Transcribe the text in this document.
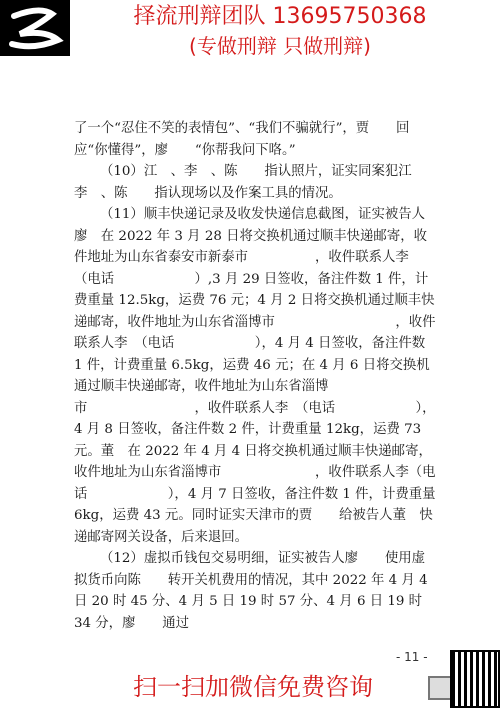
择流刑辩团队 13695750368
(专做刑辩 只做刑辩)

了一个“忍住不笑的表情包”、“我们不骗就行”，贾　　回应“你懂得”，廖　　“你帮我问下咯。”

（10）江　、李　、陈　　指认照片，证实同案犯江　李　、陈　　指认现场以及作案工具的情况。

（11）顺丰快递记录及收发快递信息截图，证实被告人廖　在 2022 年 3 月 28 日将交换机通过顺丰快递邮寄，收件地址为山东省泰安市新泰市　　　　　，收件联系人李　（电话　　　　　　）,3 月 29 日签收，备注件数 1 件，计费重量 12.5kg，运费 76 元；4 月 2 日将交换机通过顺丰快递邮寄，收件地址为山东省淄博市　　　　　　　　　，收件联系人李　（电话　　　　　　），4 月 4 日签收，备注件数 1 件，计费重量 6.5kg，运费 46 元；在 4 月 6 日将交换机通过顺丰快递邮寄，收件地址为山东省淄博市　　　　　　　　，收件联系人李　（电话　　　　　　），4 月 8 日签收，备注件数 2 件，计费重量 12kg，运费 73 元。董　在 2022 年 4 月 4 日将交换机通过顺丰快递邮寄，收件地址为山东省淄博市　　　　　　　，收件联系人李（电话　　　　　　），4 月 7 日签收，备注件数 1 件，计费重量 6kg，运费 43 元。同时证实天津市的贾　　给被告人董　快递邮寄网关设备，后来退回。

（12）虚拟币钱包交易明细，证实被告人廖　　使用虚拟货币向陈　　转开关机费用的情况，其中 2022 年 4 月 4 日 20 时 45 分、4 月 5 日 19 时 57 分、4 月 6 日 19 时 34 分，廖　　通过

- 11 -
扫一扫加微信免费咨询
